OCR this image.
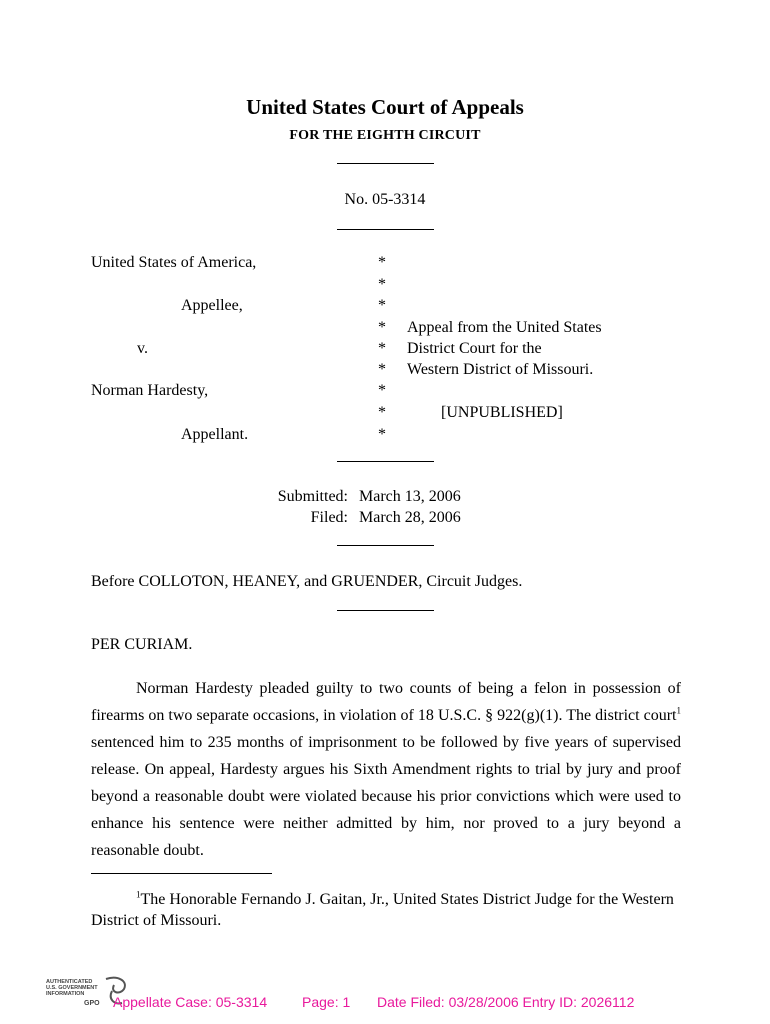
United States Court of Appeals
FOR THE EIGHTH CIRCUIT
No. 05-3314
United States of America,
Appellee,
v.
Norman Hardesty,
Appellant.
*
*
*
*
*
*
*
*
*
Appeal from the United States
District Court for the
Western District of Missouri.
[UNPUBLISHED]
Submitted: March 13, 2006
Filed: March 28, 2006
Before COLLOTON, HEANEY, and GRUENDER, Circuit Judges.
PER CURIAM.
Norman Hardesty pleaded guilty to two counts of being a felon in possession of firearms on two separate occasions, in violation of 18 U.S.C. § 922(g)(1). The district court$^1$ sentenced him to 235 months of imprisonment to be followed by five years of supervised release. On appeal, Hardesty argues his Sixth Amendment rights to trial by jury and proof beyond a reasonable doubt were violated because his prior convictions which were used to enhance his sentence were neither admitted by him, nor proved to a jury beyond a reasonable doubt.
$^1$The Honorable Fernando J. Gaitan, Jr., United States District Judge for the Western District of Missouri.
AUTHENTICATED
U.S. GOVERNMENT
INFORMATION
GPO Appellate Case: 05-3314 Page: 1 Date Filed: 03/28/2006 Entry ID: 2026112
